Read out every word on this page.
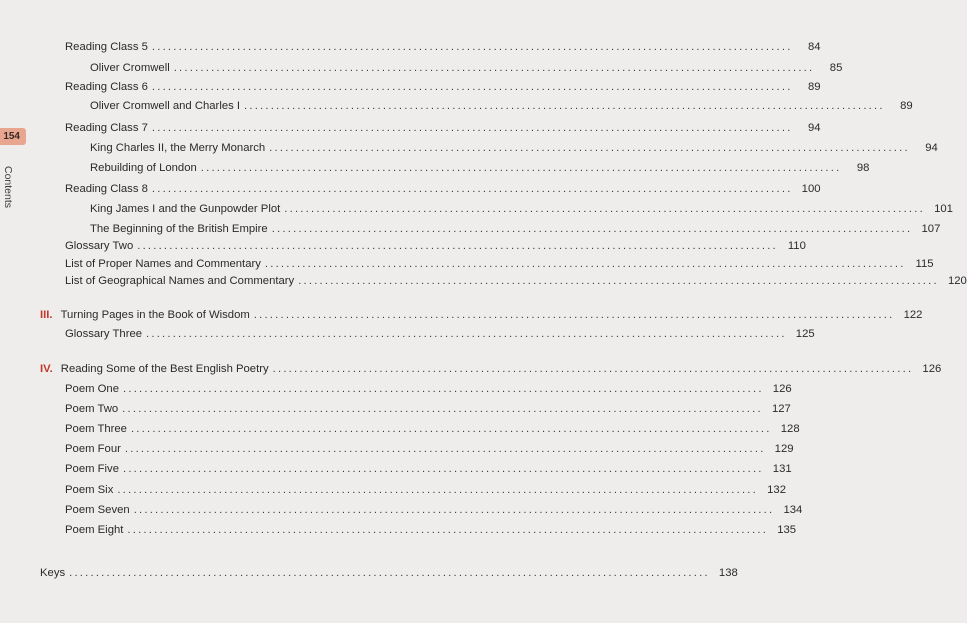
154
Contents
Reading Class 5 ........................................................................................................................	84
Oliver Cromwell ........................................................................................................................	85
Reading Class 6 ........................................................................................................................	89
Oliver Cromwell and Charles I ........................................................................................................................	89
Reading Class 7 ........................................................................................................................	94
King Charles II, the Merry Monarch ........................................................................................................................	94
Rebuilding of London ........................................................................................................................	98
Reading Class 8 ........................................................................................................................ 100
King James I and the Gunpowder Plot ........................................................................................................................ 101
The Beginning of the British Empire ........................................................................................................................ 107
Glossary Two ........................................................................................................................ 110
List of Proper Names and Commentary ........................................................................................................................ 115
List of Geographical Names and Commentary ........................................................................................................................ 120
III. Turning Pages in the Book of Wisdom ........................................................................................................................ 122
Glossary Three ........................................................................................................................ 125
IV. Reading Some of the Best English Poetry ........................................................................................................................ 126
Poem One ........................................................................................................................ 126
Poem Two ........................................................................................................................ 127
Poem Three ........................................................................................................................ 128
Poem Four ........................................................................................................................ 129
Poem Five ........................................................................................................................ 131
Poem Six ........................................................................................................................ 132
Poem Seven ........................................................................................................................ 134
Poem Eight ........................................................................................................................ 135
Keys ........................................................................................................................ 138
